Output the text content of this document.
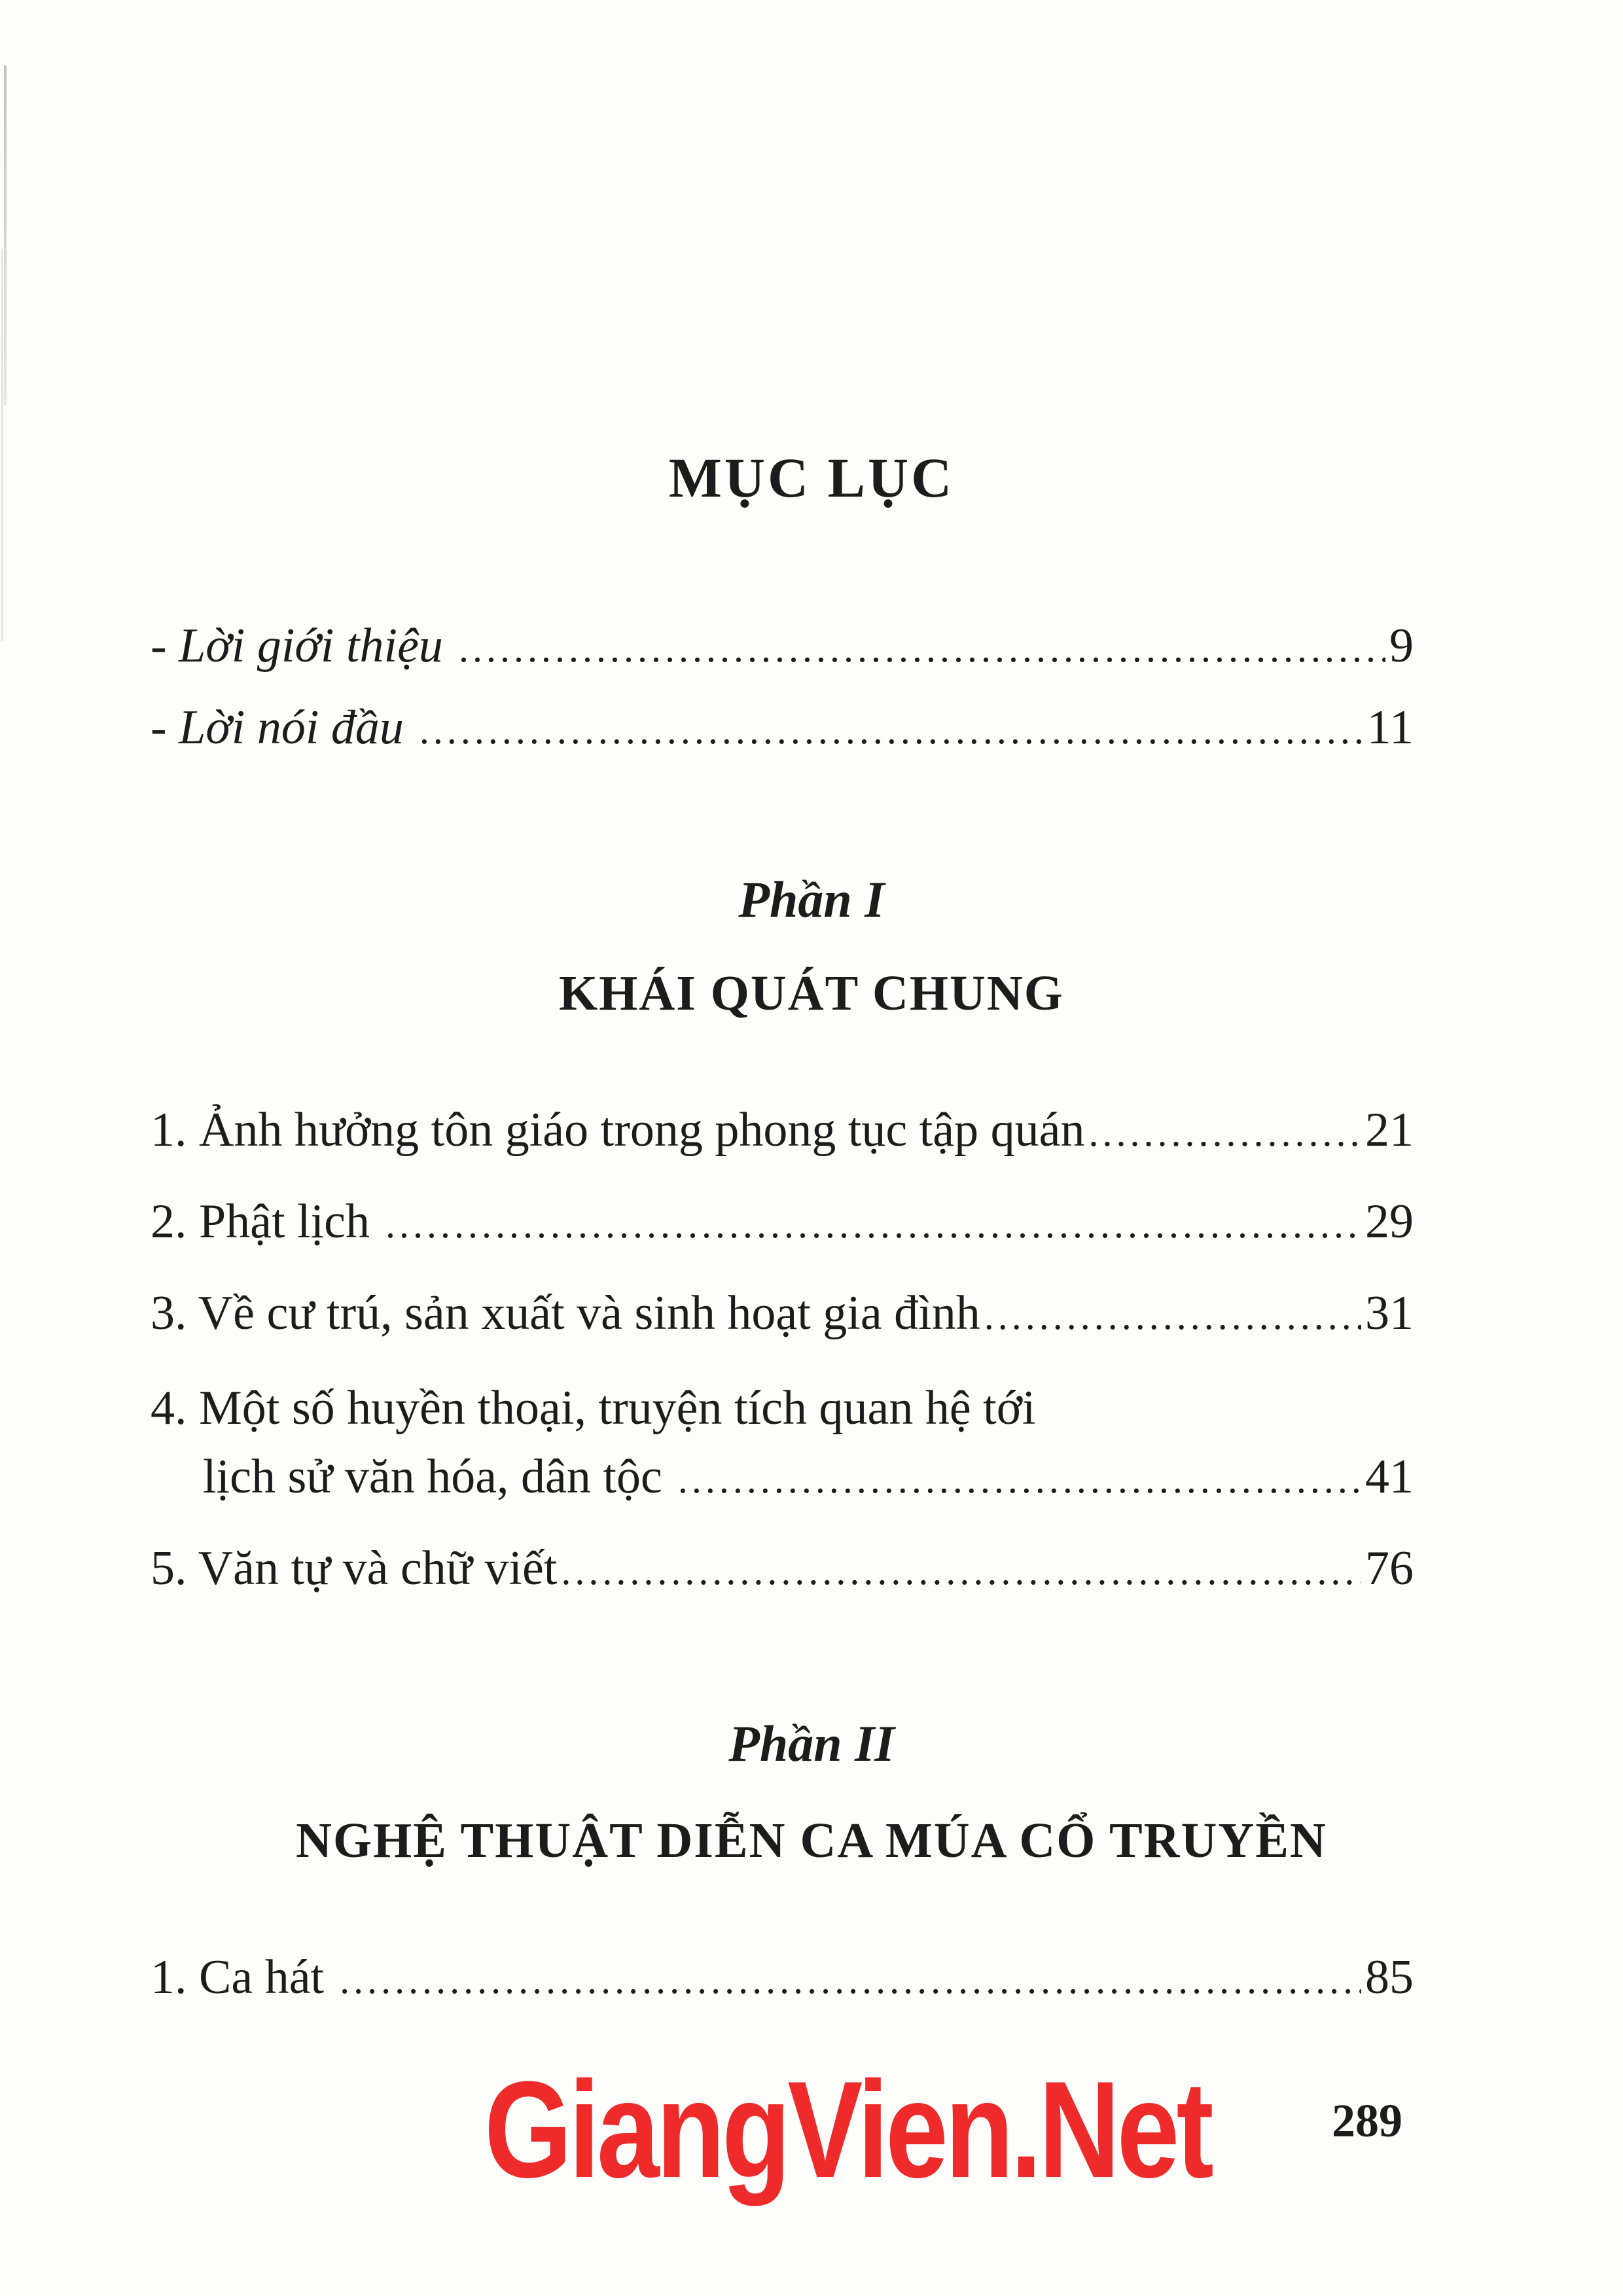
MỤC LỤC
- Lời giới thiệu .....	9
- Lời nói đầu .....	11
Phần I
KHÁI QUÁT CHUNG
1. Ảnh hưởng tôn giáo trong phong tục tập quán .....	21
2. Phật lịch .....	29
3. Về cư trú, sản xuất và sinh hoạt gia đình .....	31
4. Một số huyền thoại, truyện tích quan hệ tới
lịch sử văn hóa, dân tộc .....	41
5. Văn tự và chữ viết .....	76
Phần II
NGHỆ THUẬT DIỄN CA MÚA CỔ TRUYỀN
1. Ca hát .....	85
GiangVien.Net	289
